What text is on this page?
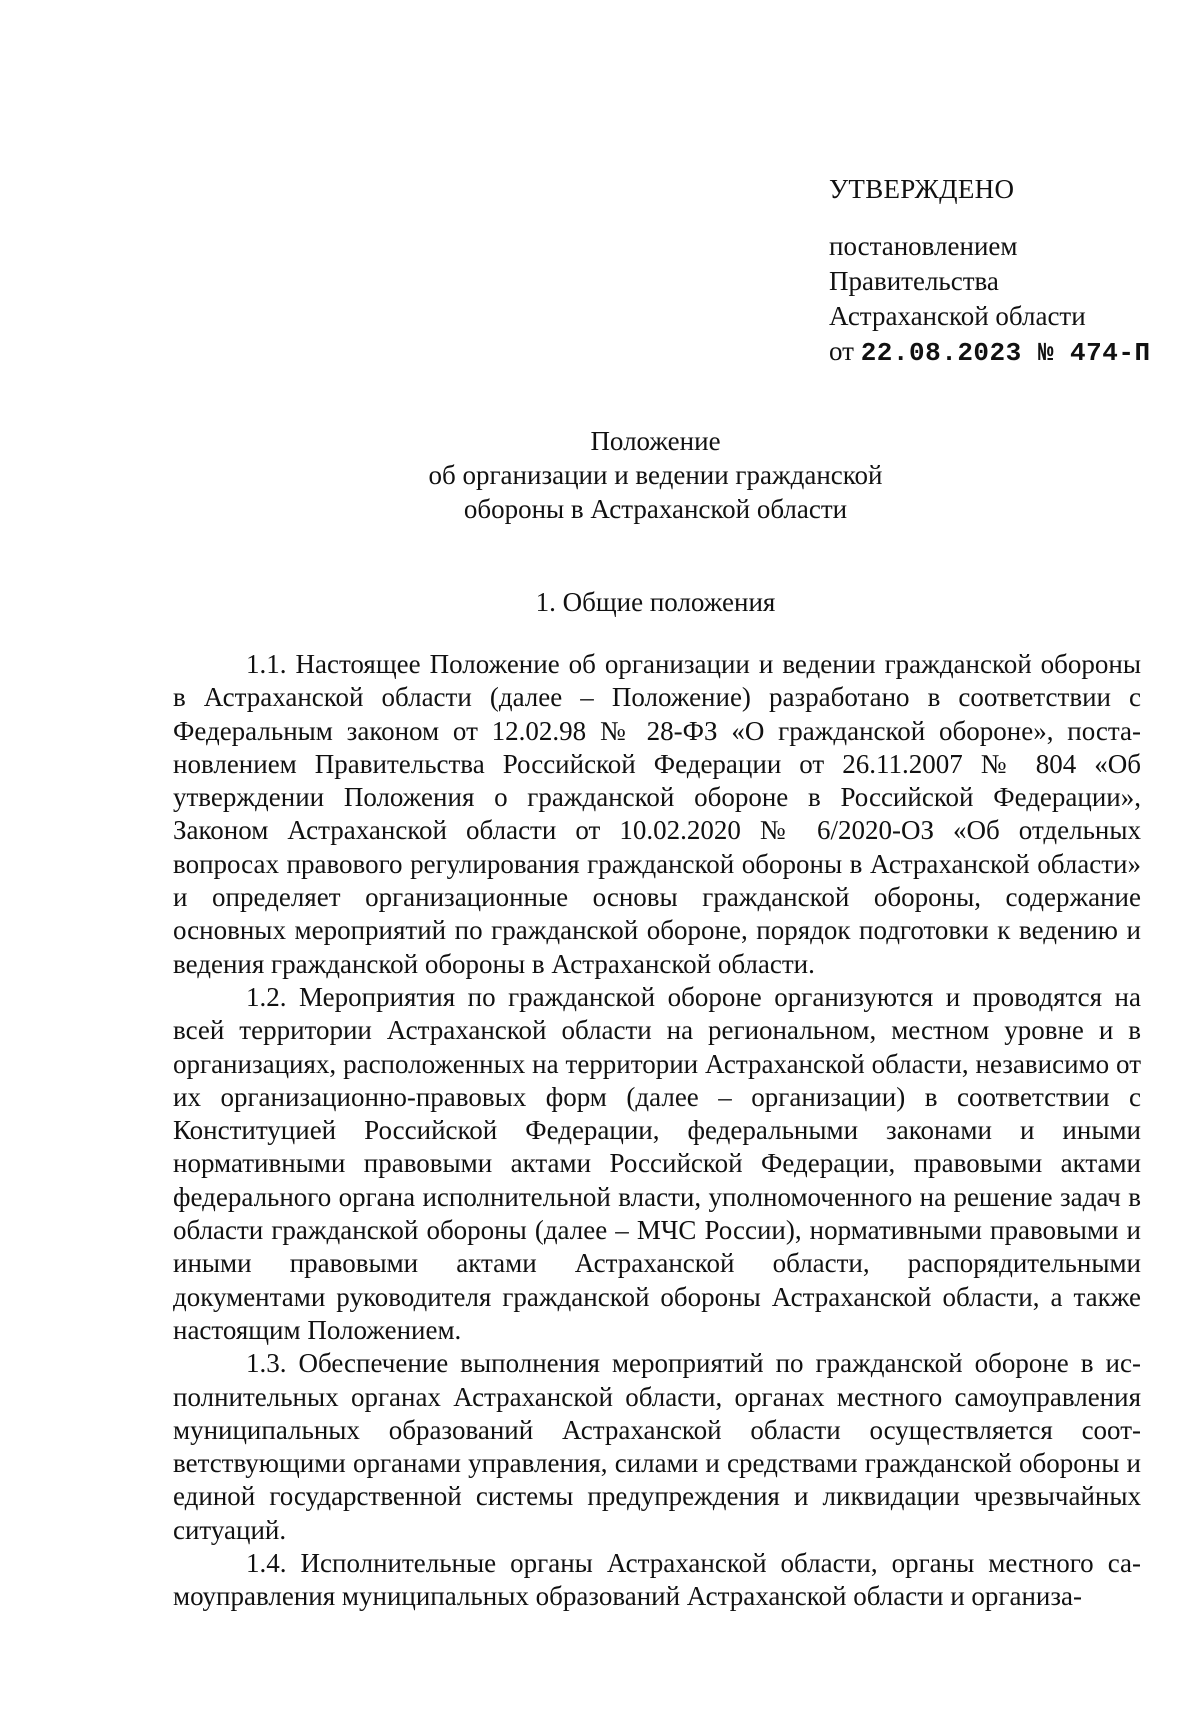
УТВЕРЖДЕНО
постановлением
Правительства
Астраханской области
от 22.08.2023 № 474-П
Положение
об организации и ведении гражданской
обороны в Астраханской области
1. Общие положения

1.1. Настоящее Положение об организации и ведении гражданской обороны в Астраханской области (далее – Положение) разработано в соответствии с Федеральным законом от 12.02.98 № 28-ФЗ «О гражданской обороне», постановлением Правительства Российской Федерации от 26.11.2007 № 804 «Об утверждении Положения о гражданской обороне в Российской Федерации», Законом Астраханской области от 10.02.2020 № 6/2020-ОЗ «Об отдельных вопросах правового регулирования гражданской обороны в Астраханской области» и определяет организационные основы гражданской обороны, содержание основных мероприятий по гражданской обороне, порядок подготовки к ведению и ведения гражданской обороны в Астраханской области.

1.2. Мероприятия по гражданской обороне организуются и проводятся на всей территории Астраханской области на региональном, местном уровне и в организациях, расположенных на территории Астраханской области, независимо от их организационно-правовых форм (далее – организации) в соответствии с Конституцией Российской Федерации, федеральными законами и иными нормативными правовыми актами Российской Федерации, правовыми актами федерального органа исполнительной власти, уполномоченного на решение задач в области гражданской обороны (далее – МЧС России), нормативными правовыми и иными правовыми актами Астраханской области, распорядительными документами руководителя гражданской обороны Астраханской области, а также настоящим Положением.

1.3. Обеспечение выполнения мероприятий по гражданской обороне в исполнительных органах Астраханской области, органах местного самоуправления муниципальных образований Астраханской области осуществляется соответствующими органами управления, силами и средствами гражданской обороны и единой государственной системы предупреждения и ликвидации чрезвычайных ситуаций.

1.4. Исполнительные органы Астраханской области, органы местного самоуправления муниципальных образований Астраханской области и организа-
